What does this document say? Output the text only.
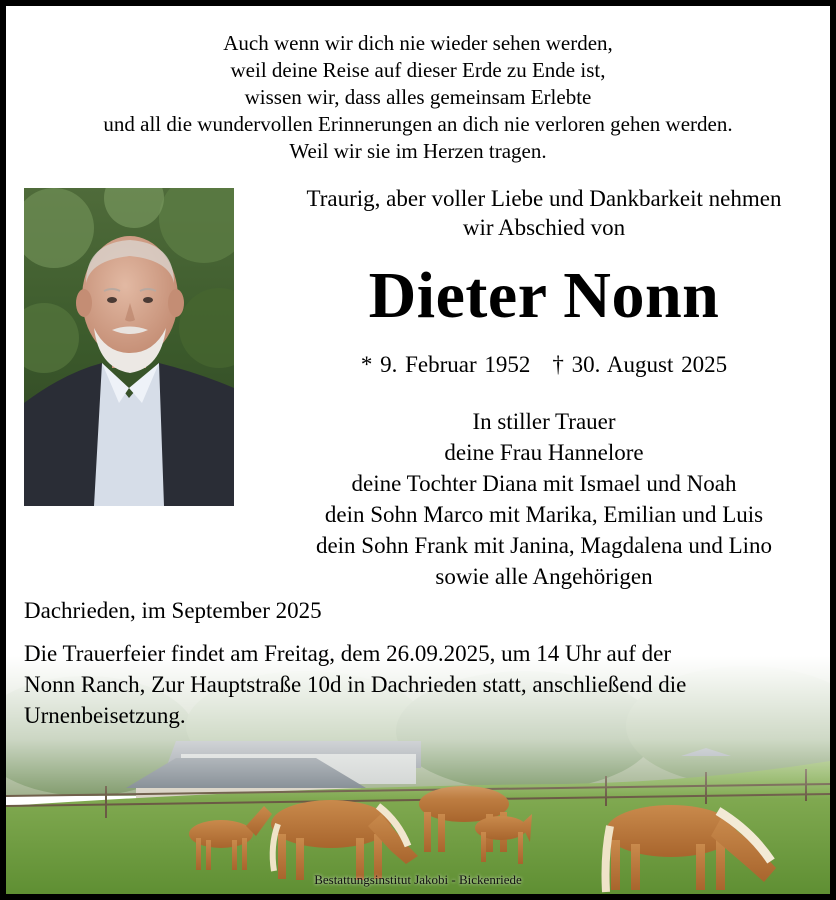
Auch wenn wir dich nie wieder sehen werden,
weil deine Reise auf dieser Erde zu Ende ist,
wissen wir, dass alles gemeinsam Erlebte
und all die wundervollen Erinnerungen an dich nie verloren gehen werden.
Weil wir sie im Herzen tragen.
Traurig, aber voller Liebe und Dankbarkeit nehmen
wir Abschied von
Dieter Nonn
* 9. Februar 1952 † 30. August 2025
In stiller Trauer
deine Frau Hannelore
deine Tochter Diana mit Ismael und Noah
dein Sohn Marco mit Marika, Emilian und Luis
dein Sohn Frank mit Janina, Magdalena und Lino
sowie alle Angehörigen
Dachrieden, im September 2025
Die Trauerfeier findet am Freitag, dem 26.09.2025, um 14 Uhr auf der
Nonn Ranch, Zur Hauptstraße 10d in Dachrieden statt, anschließend die
Urnenbeisetzung.
Bestattungsinstitut Jakobi - Bickenriede
